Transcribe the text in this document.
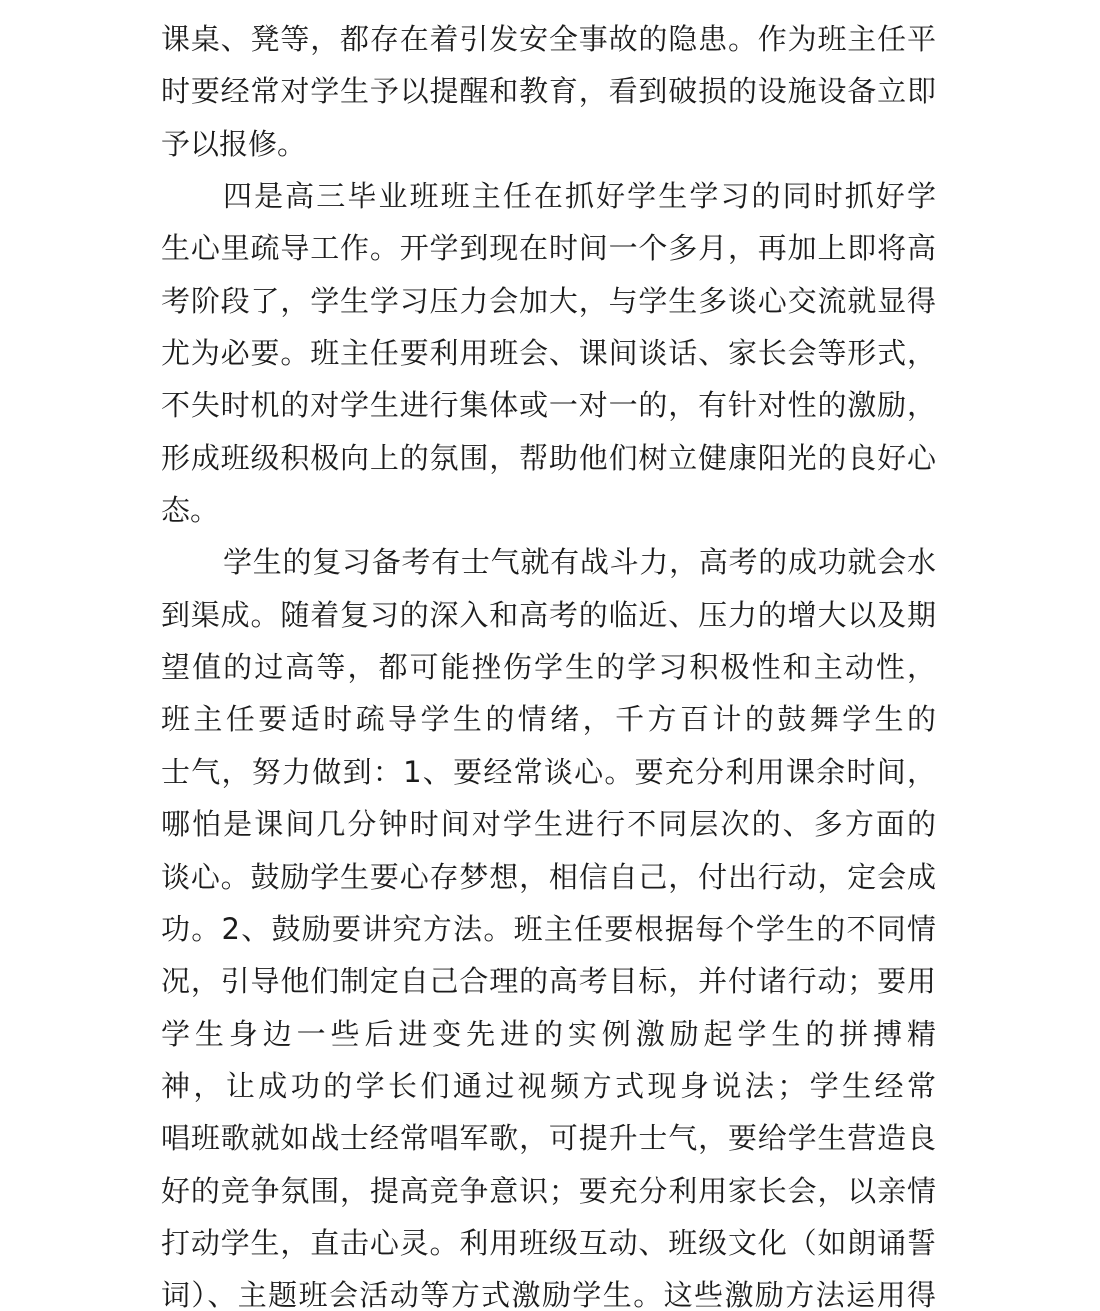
课桌、凳等，都存在着引发安全事故的隐患。作为班主任平
时要经常对学生予以提醒和教育，看到破损的设施设备立即
予以报修。
四是高三毕业班班主任在抓好学生学习的同时抓好学
生心里疏导工作。开学到现在时间一个多月，再加上即将高
考阶段了，学生学习压力会加大，与学生多谈心交流就显得
尤为必要。班主任要利用班会、课间谈话、家长会等形式，
不失时机的对学生进行集体或一对一的，有针对性的激励，
形成班级积极向上的氛围，帮助他们树立健康阳光的良好心
态。
学生的复习备考有士气就有战斗力，高考的成功就会水
到渠成。随着复习的深入和高考的临近、压力的增大以及期
望值的过高等，都可能挫伤学生的学习积极性和主动性，
班主任要适时疏导学生的情绪，千方百计的鼓舞学生的
士气，努力做到：1、要经常谈心。要充分利用课余时间，
哪怕是课间几分钟时间对学生进行不同层次的、多方面的
谈心。鼓励学生要心存梦想，相信自己，付出行动，定会成
功。2、鼓励要讲究方法。班主任要根据每个学生的不同情
况，引导他们制定自己合理的高考目标，并付诸行动；要用
学生身边一些后进变先进的实例激励起学生的拼搏精
神，让成功的学长们通过视频方式现身说法；学生经常
唱班歌就如战士经常唱军歌，可提升士气，要给学生营造良
好的竞争氛围，提高竞争意识；要充分利用家长会，以亲情
打动学生，直击心灵。利用班级互动、班级文化（如朗诵誓
词）、主题班会活动等方式激励学生。这些激励方法运用得
